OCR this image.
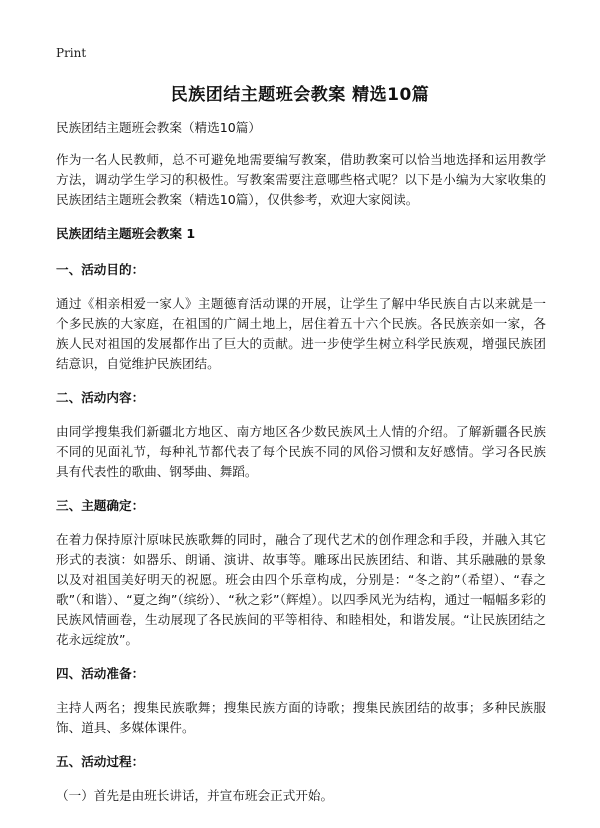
Print
民族团结主题班会教案 精选10篇

民族团结主题班会教案（精选10篇）

作为一名人民教师，总不可避免地需要编写教案，借助教案可以恰当地选择和运用教学方法，调动学生学习的积极性。写教案需要注意哪些格式呢？以下是小编为大家收集的民族团结主题班会教案（精选10篇），仅供参考，欢迎大家阅读。

民族团结主题班会教案 1
一、活动目的：

通过《相亲相爱一家人》主题德育活动课的开展，让学生了解中华民族自古以来就是一个多民族的大家庭，在祖国的广阔土地上，居住着五十六个民族。各民族亲如一家，各族人民对祖国的发展都作出了巨大的贡献。进一步使学生树立科学民族观，增强民族团结意识，自觉维护民族团结。

二、活动内容：

由同学搜集我们新疆北方地区、南方地区各少数民族风土人情的介绍。了解新疆各民族不同的见面礼节，每种礼节都代表了每个民族不同的风俗习惯和友好感情。学习各民族具有代表性的歌曲、钢琴曲、舞蹈。

三、主题确定：

在着力保持原汁原味民族歌舞的同时，融合了现代艺术的创作理念和手段，并融入其它形式的表演：如器乐、朗诵、演讲、故事等。雕琢出民族团结、和谐、其乐融融的景象以及对祖国美好明天的祝愿。班会由四个乐章构成，分别是：“冬之韵”（希望）、“春之歌”（和谐）、“夏之绚”（缤纷）、“秋之彩”（辉煌）。以四季风光为结构，通过一幅幅多彩的民族风情画卷，生动展现了各民族间的平等相待、和睦相处，和谐发展。“让民族团结之花永远绽放”。

四、活动准备：

主持人两名；搜集民族歌舞；搜集民族方面的诗歌；搜集民族团结的故事；多种民族服饰、道具、多媒体课件。

五、活动过程：

（一）首先是由班长讲话，并宣布班会正式开始。
